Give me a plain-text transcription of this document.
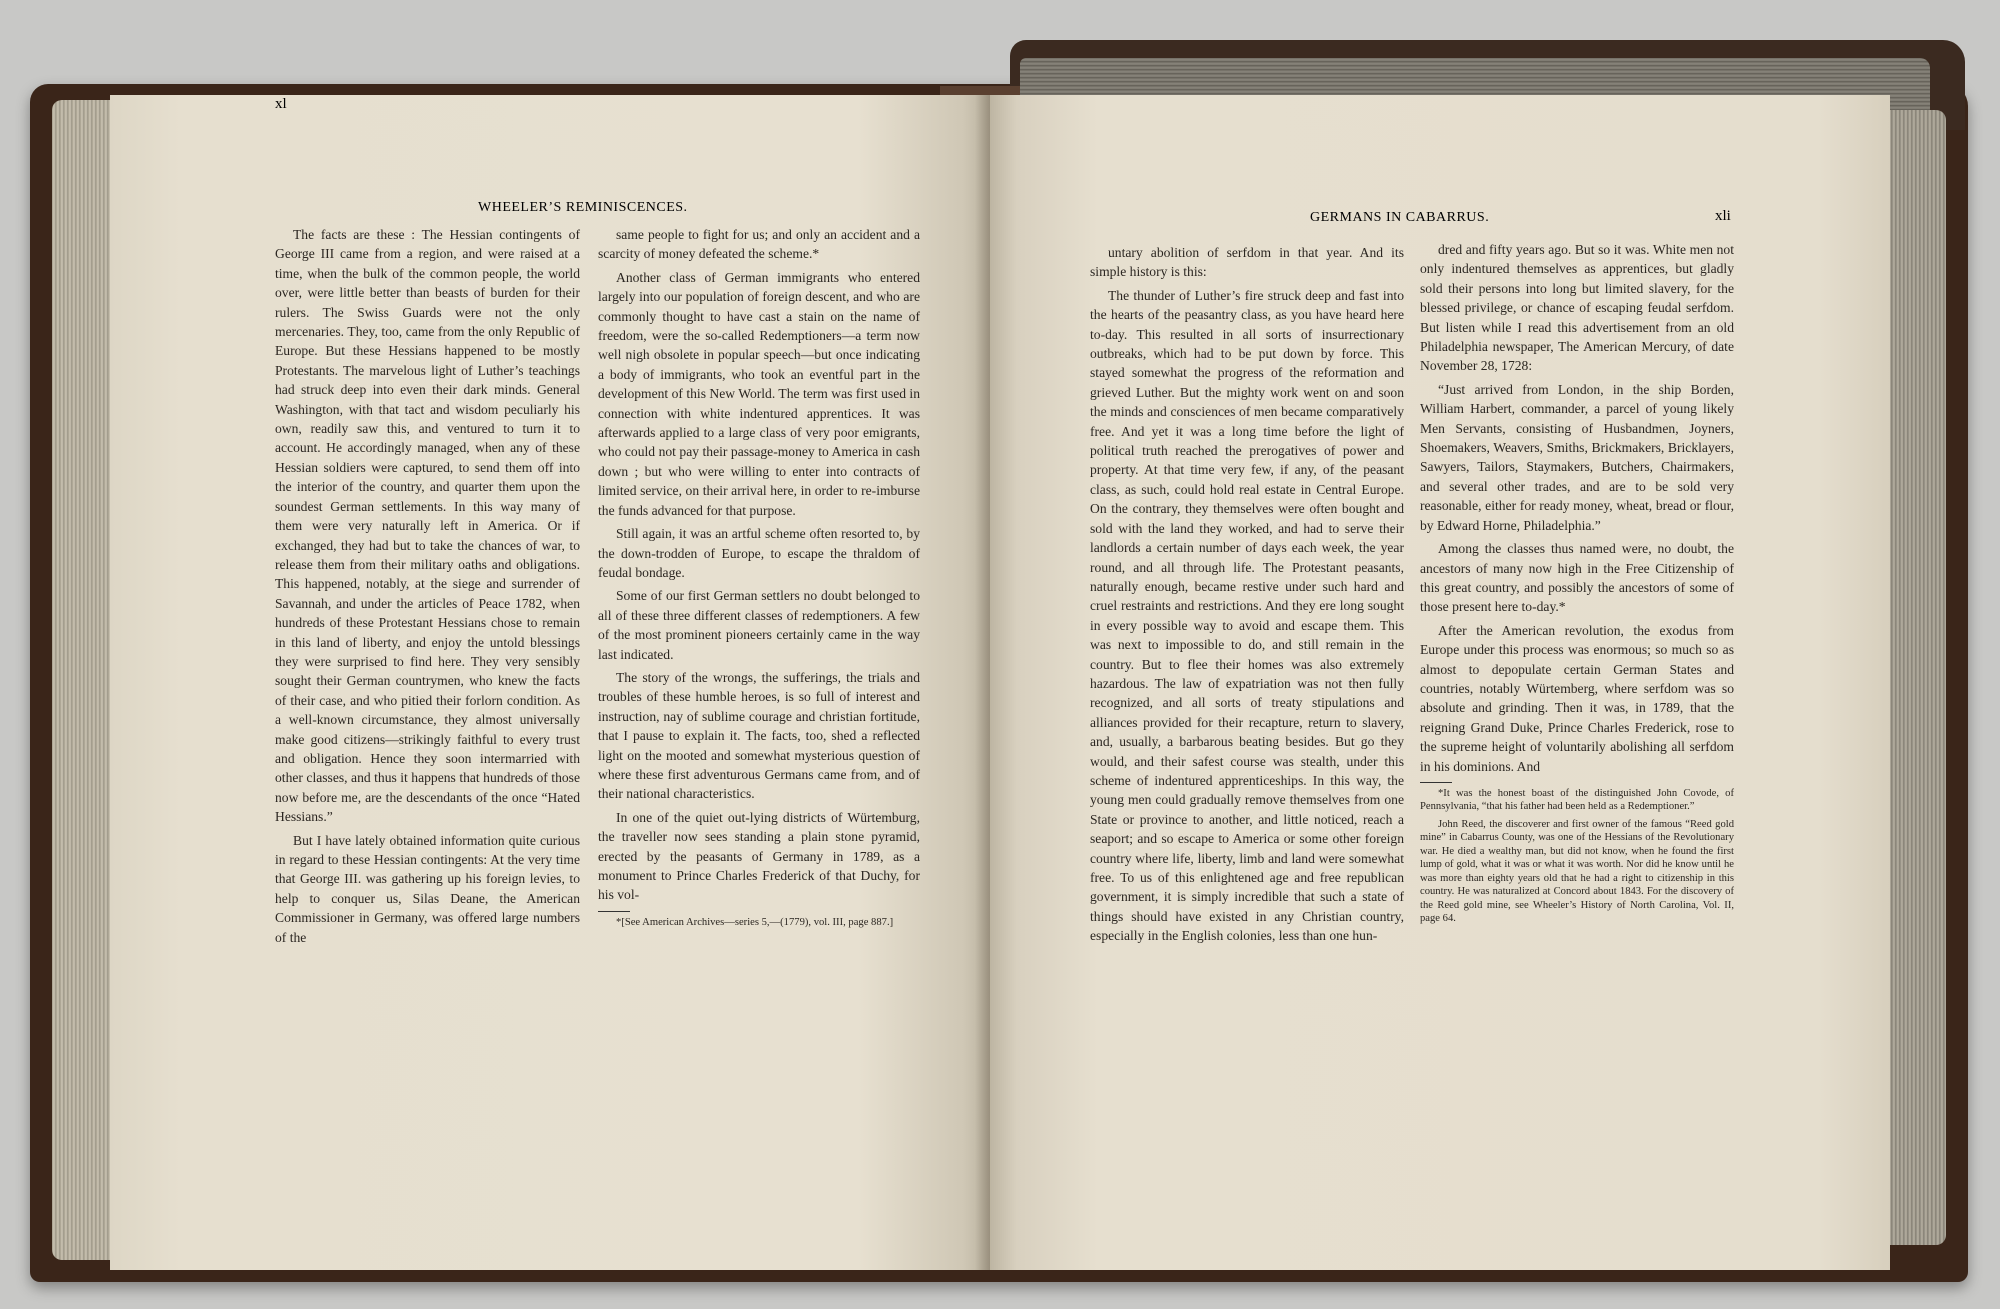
xl
WHEELER’S REMINISCENCES.

The facts are these : The Hessian contingents of George III came from a region, and were raised at a time, when the bulk of the common people, the world over, were little better than beasts of burden for their rulers. The Swiss Guards were not the only mercenaries. They, too, came from the only Republic of Europe. But these Hessians happened to be mostly Protestants. The marvelous light of Luther’s teachings had struck deep into even their dark minds. General Washington, with that tact and wisdom peculiarly his own, readily saw this, and ventured to turn it to account. He accordingly managed, when any of these Hessian soldiers were captured, to send them off into the interior of the country, and quarter them upon the soundest German settlements. In this way many of them were very naturally left in America. Or if exchanged, they had but to take the chances of war, to release them from their military oaths and obligations. This happened, notably, at the siege and surrender of Savannah, and under the articles of Peace 1782, when hundreds of these Protestant Hessians chose to remain in this land of liberty, and enjoy the untold blessings they were surprised to find here. They very sensibly sought their German countrymen, who knew the facts of their case, and who pitied their forlorn condition. As a well-known circumstance, they almost universally make good citizens—strikingly faithful to every trust and obligation. Hence they soon intermarried with other classes, and thus it happens that hundreds of those now before me, are the descendants of the once “Hated Hessians.”

But I have lately obtained information quite curious in regard to these Hessian contingents: At the very time that George III. was gathering up his foreign levies, to help to conquer us, Silas Deane, the American Commissioner in Germany, was offered large numbers of the

same people to fight for us; and only an accident and a scarcity of money defeated the scheme.*

Another class of German immigrants who entered largely into our population of foreign descent, and who are commonly thought to have cast a stain on the name of freedom, were the so-called Redemptioners—a term now well nigh obsolete in popular speech—but once indicating a body of immigrants, who took an eventful part in the development of this New World. The term was first used in connection with white indentured apprentices. It was afterwards applied to a large class of very poor emigrants, who could not pay their passage-money to America in cash down ; but who were willing to enter into contracts of limited service, on their arrival here, in order to re-imburse the funds advanced for that purpose.

Still again, it was an artful scheme often resorted to, by the down-trodden of Europe, to escape the thraldom of feudal bondage.

Some of our first German settlers no doubt belonged to all of these three different classes of redemptioners. A few of the most prominent pioneers certainly came in the way last indicated.

The story of the wrongs, the sufferings, the trials and troubles of these humble heroes, is so full of interest and instruction, nay of sublime courage and christian fortitude, that I pause to explain it. The facts, too, shed a reflected light on the mooted and somewhat mysterious question of where these first adventurous Germans came from, and of their national characteristics.

In one of the quiet out-lying districts of Würtemburg, the traveller now sees standing a plain stone pyramid, erected by the peasants of Germany in 1789, as a monument to Prince Charles Frederick of that Duchy, for his vol-

*[See American Archives—series 5,—(1779), vol. III, page 887.]

GERMANS IN CABARRUS.	xli

untary abolition of serfdom in that year. And its simple history is this:

The thunder of Luther’s fire struck deep and fast into the hearts of the peasantry class, as you have heard here to-day. This resulted in all sorts of insurrectionary outbreaks, which had to be put down by force. This stayed somewhat the progress of the reformation and grieved Luther. But the mighty work went on and soon the minds and consciences of men became comparatively free. And yet it was a long time before the light of political truth reached the prerogatives of power and property. At that time very few, if any, of the peasant class, as such, could hold real estate in Central Europe. On the contrary, they themselves were often bought and sold with the land they worked, and had to serve their landlords a certain number of days each week, the year round, and all through life. The Protestant peasants, naturally enough, became restive under such hard and cruel restraints and restrictions. And they ere long sought in every possible way to avoid and escape them. This was next to impossible to do, and still remain in the country. But to flee their homes was also extremely hazardous. The law of expatriation was not then fully recognized, and all sorts of treaty stipulations and alliances provided for their recapture, return to slavery, and, usually, a barbarous beating besides. But go they would, and their safest course was stealth, under this scheme of indentured apprenticeships. In this way, the young men could gradually remove themselves from one State or province to another, and little noticed, reach a seaport; and so escape to America or some other foreign country where life, liberty, limb and land were somewhat free. To us of this enlightened age and free republican government, it is simply incredible that such a state of things should have existed in any Christian country, especially in the English colonies, less than one hun-

dred and fifty years ago. But so it was. White men not only indentured themselves as apprentices, but gladly sold their persons into long but limited slavery, for the blessed privilege, or chance of escaping feudal serfdom. But listen while I read this advertisement from an old Philadelphia newspaper, The American Mercury, of date November 28, 1728:

“Just arrived from London, in the ship Borden, William Harbert, commander, a parcel of young likely Men Servants, consisting of Husbandmen, Joyners, Shoemakers, Weavers, Smiths, Brickmakers, Bricklayers, Sawyers, Tailors, Staymakers, Butchers, Chairmakers, and several other trades, and are to be sold very reasonable, either for ready money, wheat, bread or flour, by Edward Horne, Philadelphia.”

Among the classes thus named were, no doubt, the ancestors of many now high in the Free Citizenship of this great country, and possibly the ancestors of some of those present here to-day.*

After the American revolution, the exodus from Europe under this process was enormous; so much so as almost to depopulate certain German States and countries, notably Würtemberg, where serfdom was so absolute and grinding. Then it was, in 1789, that the reigning Grand Duke, Prince Charles Frederick, rose to the supreme height of voluntarily abolishing all serfdom in his dominions. And

*It was the honest boast of the distinguished John Covode, of Pennsylvania, “that his father had been held as a Redemptioner.”

John Reed, the discoverer and first owner of the famous “Reed gold mine” in Cabarrus County, was one of the Hessians of the Revolutionary war. He died a wealthy man, but did not know, when he found the first lump of gold, what it was or what it was worth. Nor did he know until he was more than eighty years old that he had a right to citizenship in this country. He was naturalized at Concord about 1843. For the discovery of the Reed gold mine, see Wheeler’s History of North Carolina, Vol. II, page 64.
